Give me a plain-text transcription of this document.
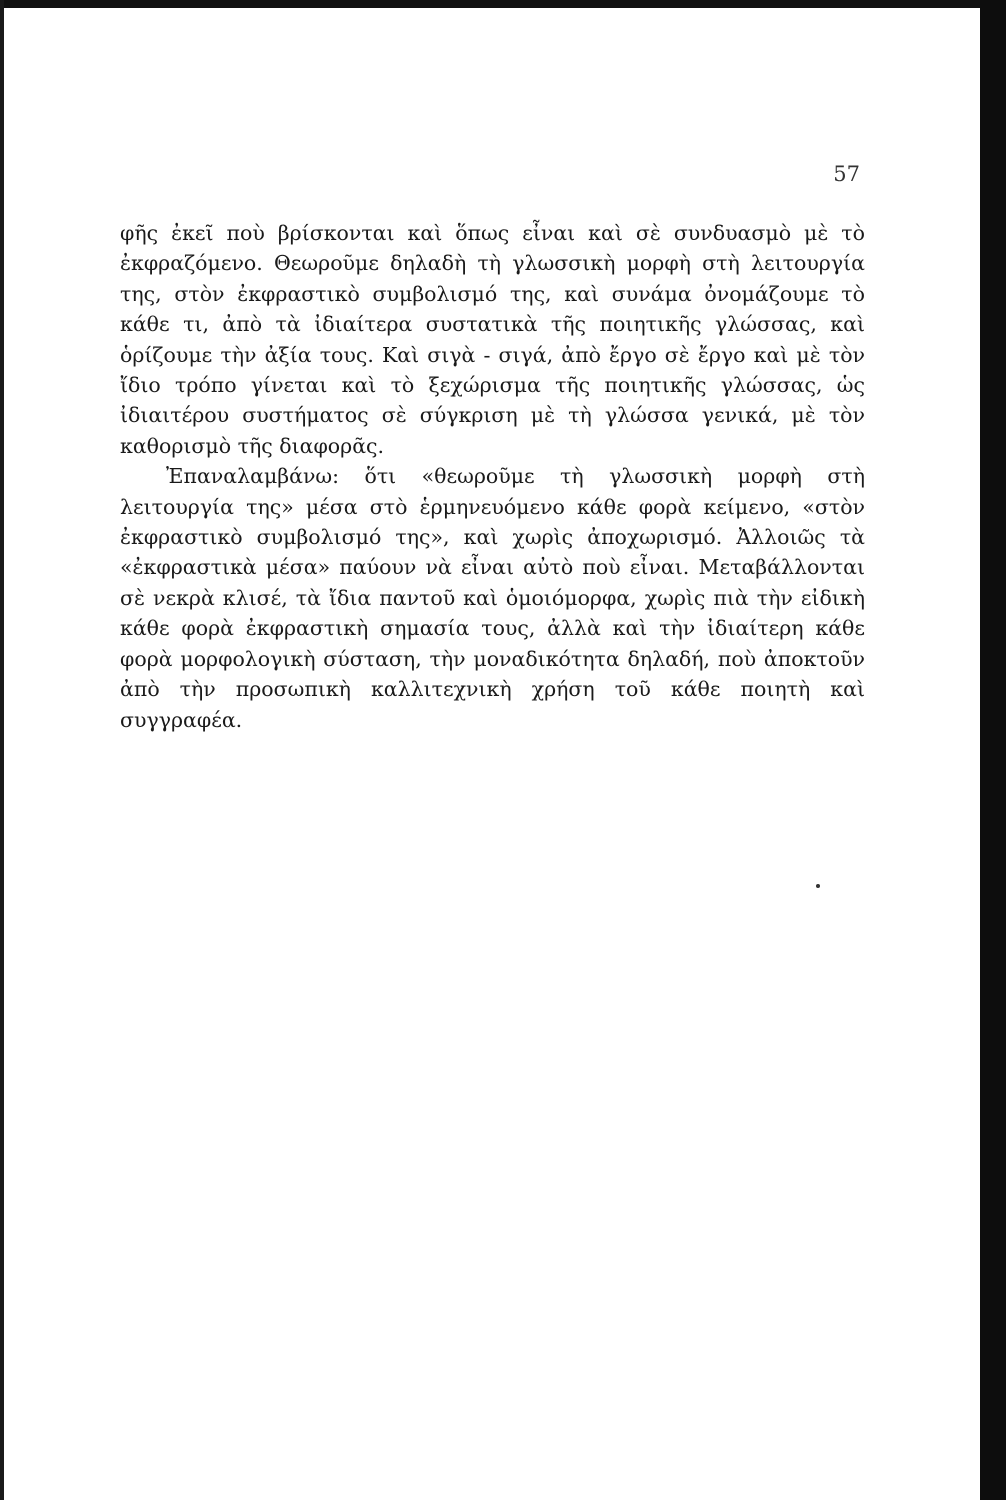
57

φῆς ἐκεῖ ποὺ βρίσκονται καὶ ὅπως εἶναι καὶ σὲ συνδυασμὸ μὲ τὸ ἐκφραζόμενο. Θεωροῦμε δηλαδὴ τὴ γλωσσικὴ μορφὴ στὴ λειτουργία της, στὸν ἐκφραστικὸ συμβολισμό της, καὶ συνάμα ὀνομάζουμε τὸ κάθε τι, ἀπὸ τὰ ἰδιαίτερα συστατικὰ τῆς ποιητικῆς γλώσσας, καὶ ὁρίζουμε τὴν ἀξία τους. Καὶ σιγὰ - σιγά, ἀπὸ ἔργο σὲ ἔργο καὶ μὲ τὸν ἴδιο τρόπο γίνεται καὶ τὸ ξεχώρισμα τῆς ποιητικῆς γλώσσας, ὡς ἰδιαιτέρου συστήματος σὲ σύγκριση μὲ τὴ γλώσσα γενικά, μὲ τὸν καθορισμὸ τῆς διαφορᾶς.

Ἐπαναλαμβάνω: ὅτι «θεωροῦμε τὴ γλωσσικὴ μορφὴ στὴ λειτουργία της» μέσα στὸ ἑρμηνευόμενο κάθε φορὰ κείμενο, «στὸν ἐκφραστικὸ συμβολισμό της», καὶ χωρὶς ἀποχωρισμό. Ἀλλοιῶς τὰ «ἐκφραστικὰ μέσα» παύουν νὰ εἶναι αὐτὸ ποὺ εἶναι. Μεταβάλλονται σὲ νεκρὰ κλισέ, τὰ ἴδια παντοῦ καὶ ὁμοιόμορφα, χωρὶς πιὰ τὴν εἰδικὴ κάθε φορὰ ἐκφραστικὴ σημασία τους, ἀλλὰ καὶ τὴν ἰδιαίτερη κάθε φορὰ μορφολογικὴ σύσταση, τὴν μοναδικότητα δηλαδή, ποὺ ἀποκτοῦν ἀπὸ τὴν προσωπικὴ καλλιτεχνικὴ χρήση τοῦ κάθε ποιητὴ καὶ συγγραφέα.
